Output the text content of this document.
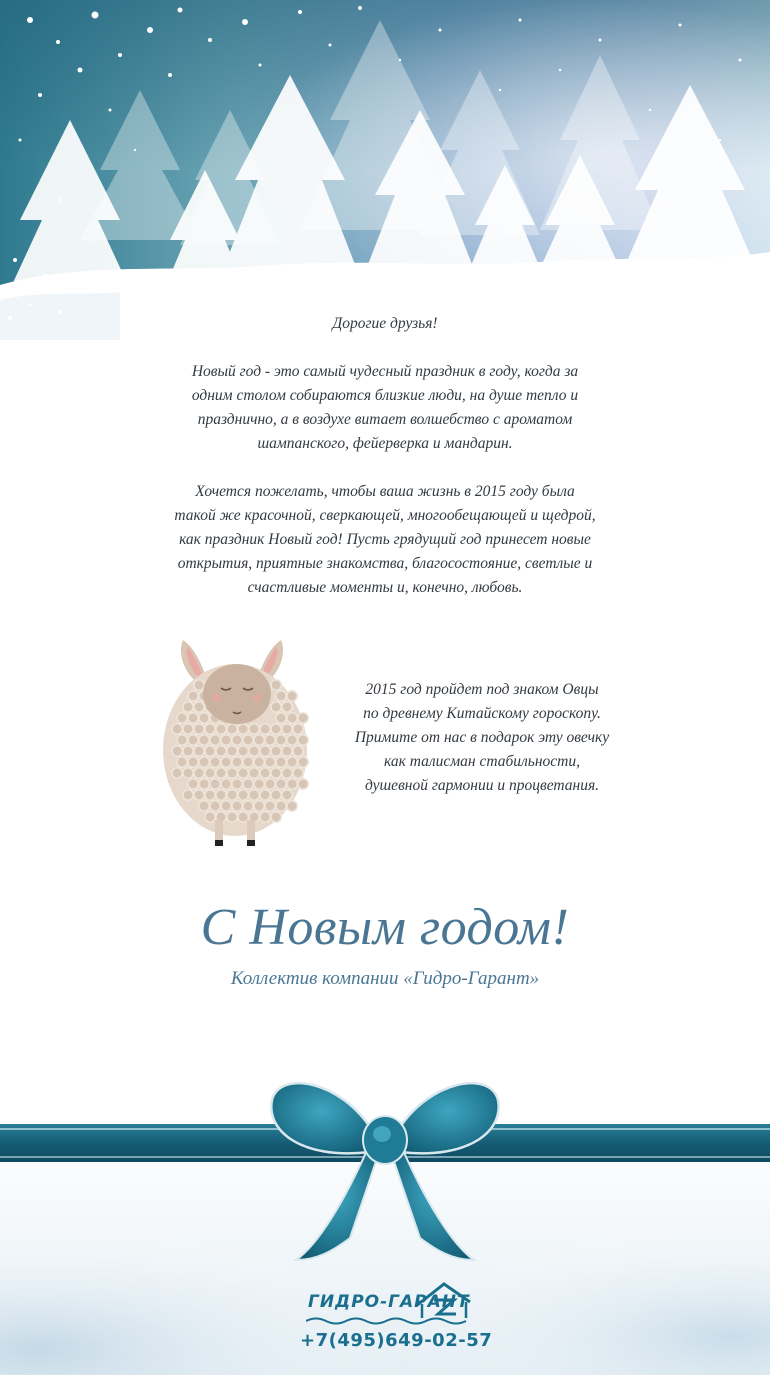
Дорогие друзья!

Новый год - это самый чудесный праздник в году, когда за
одним столом собираются близкие люди, на душе тепло и
празднично, а в воздухе витает волшебство с ароматом
шампанского, фейерверка и мандарин.

Хочется пожелать, чтобы ваша жизнь в 2015 году была
такой же красочной, сверкающей, многообещающей и щедрой,
как праздник Новый год! Пусть грядущий год принесет новые
открытия, приятные знакомства, благосостояние, светлые и
счастливые моменты и, конечно, любовь.

2015 год пройдет под знаком Овцы
по древнему Китайскому гороскопу.
Примите от нас в подарок эту овечку
как талисман стабильности,
душевной гармонии и процветания.
С Новым годом!
Коллектив компании «Гидро-Гарант»
ГИДРО-ГАРАНТ
+7(495)649-02-57
